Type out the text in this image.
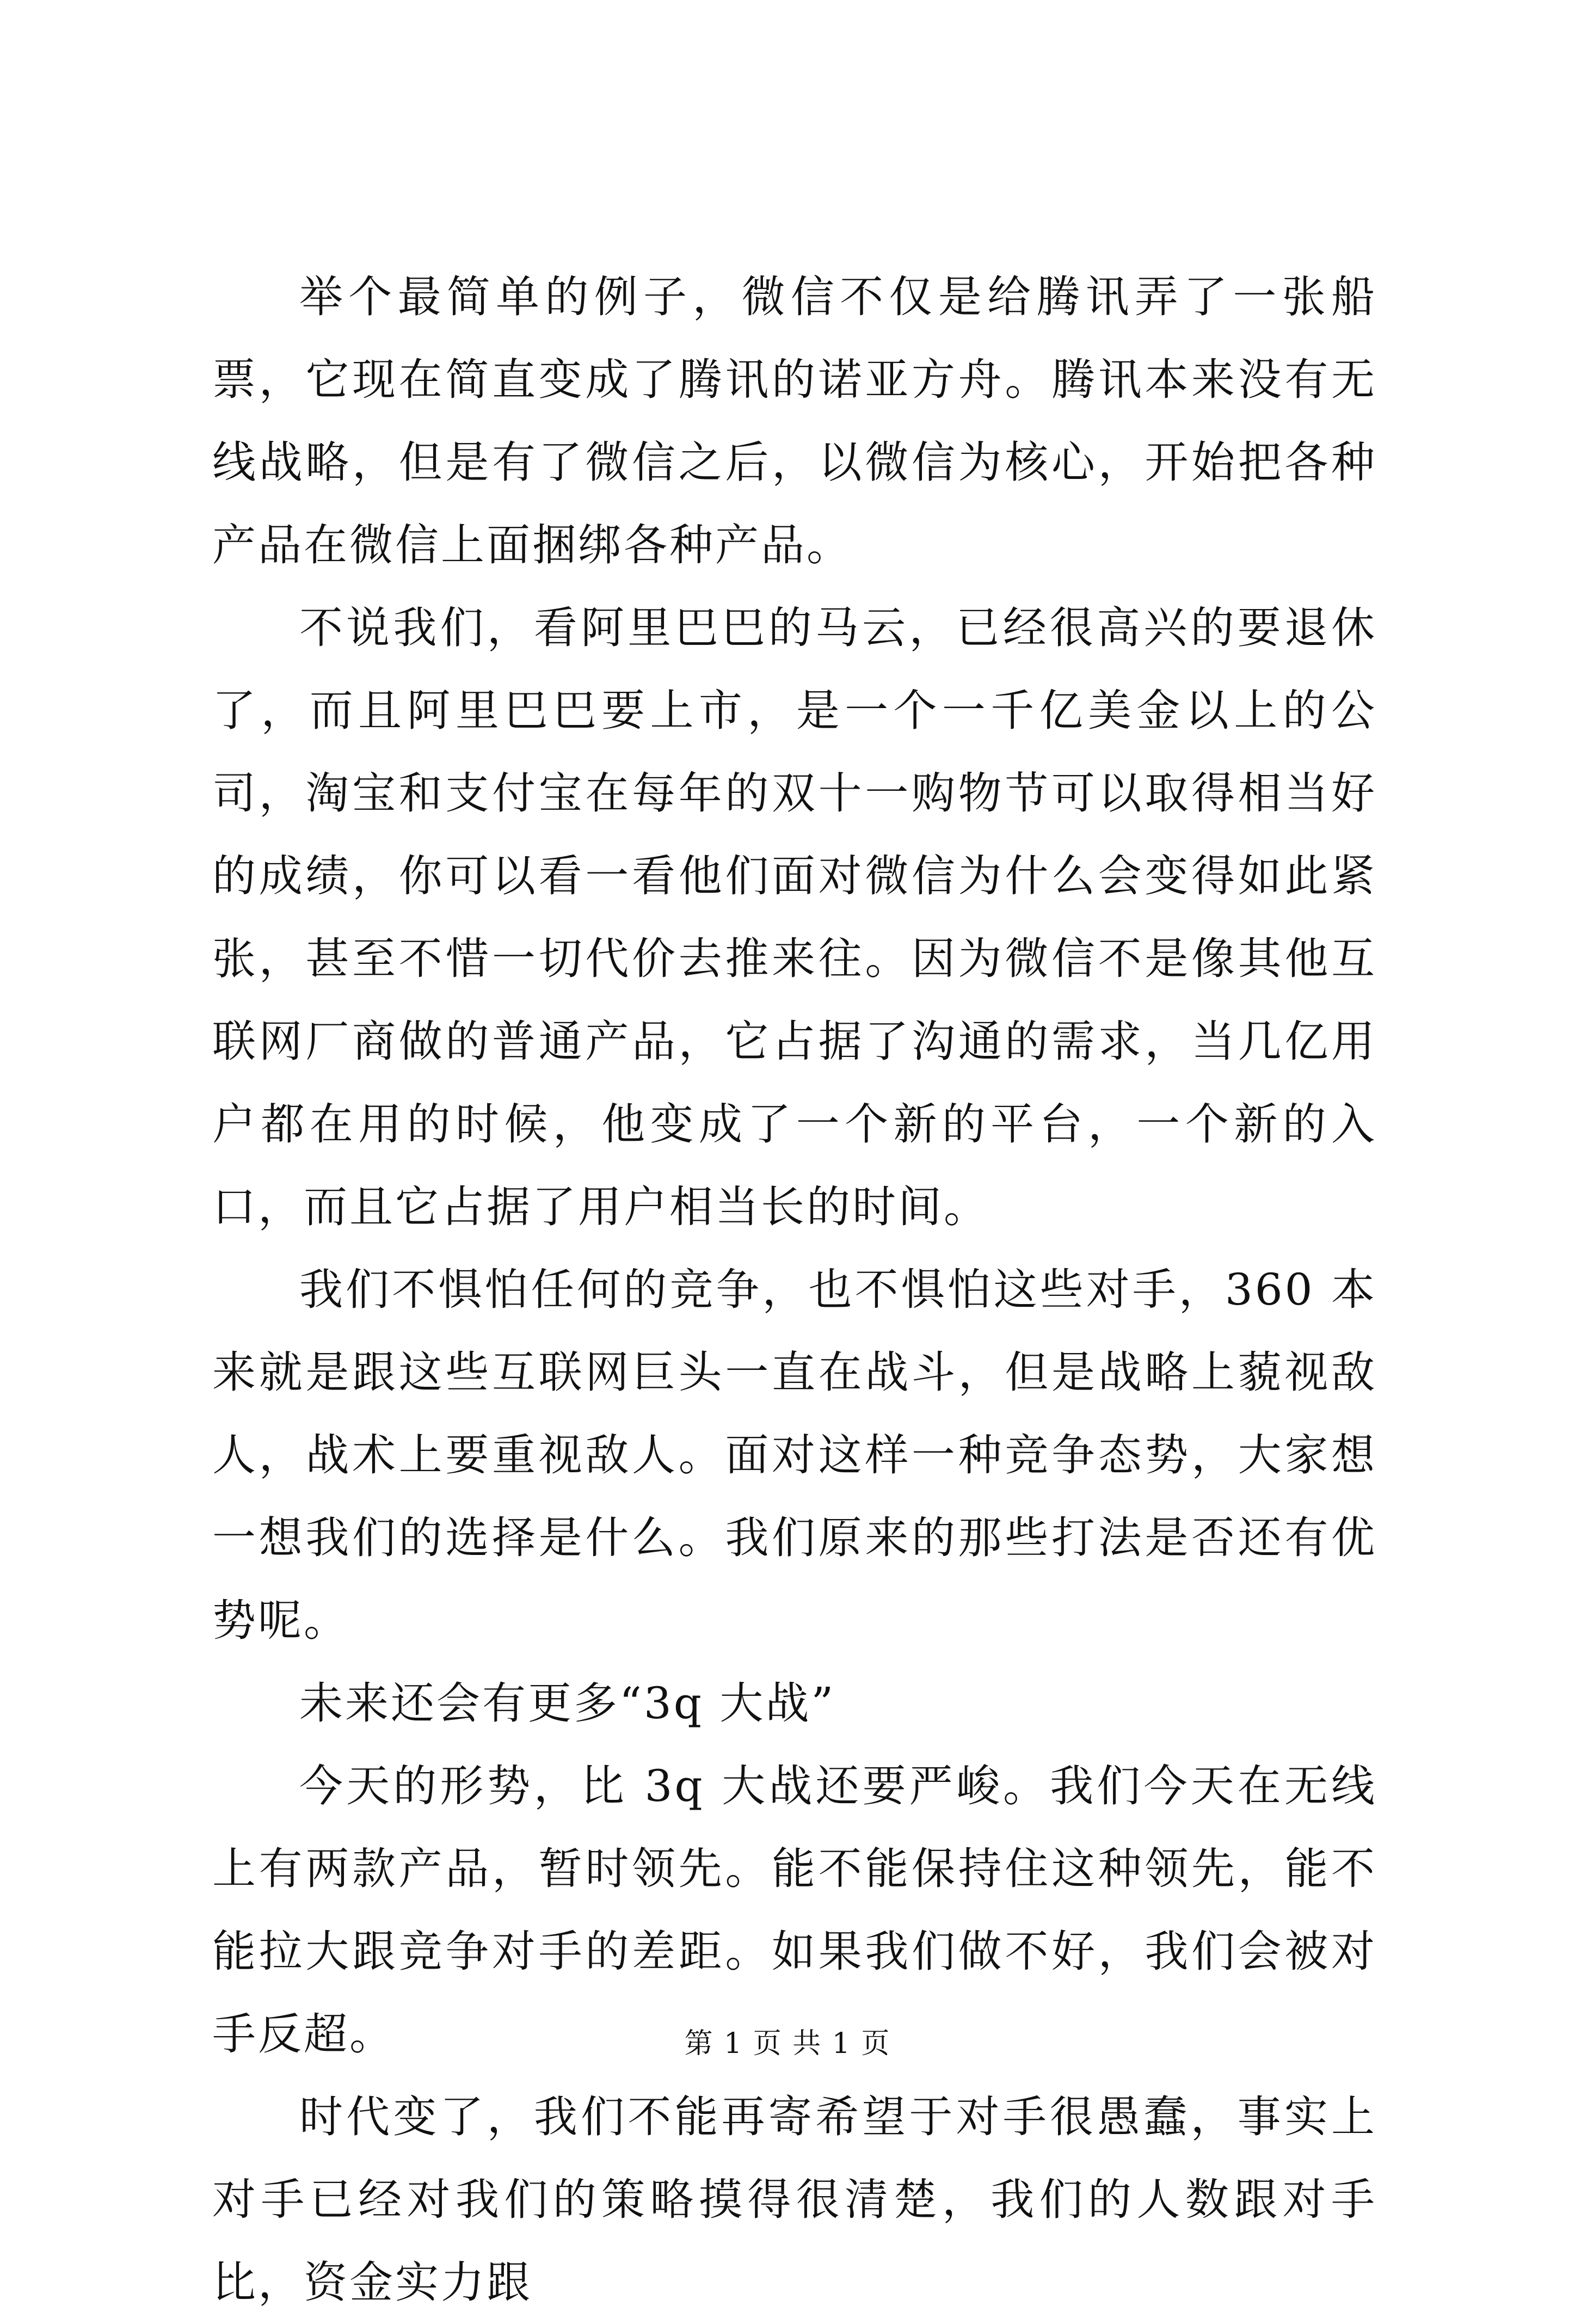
举个最简单的例子，微信不仅是给腾讯弄了一张船票，它现在简直变成了腾讯的诺亚方舟。腾讯本来没有无线战略，但是有了微信之后，以微信为核心，开始把各种产品在微信上面捆绑各种产品。

不说我们，看阿里巴巴的马云，已经很高兴的要退休了，而且阿里巴巴要上市，是一个一千亿美金以上的公司，淘宝和支付宝在每年的双十一购物节可以取得相当好的成绩，你可以看一看他们面对微信为什么会变得如此紧张，甚至不惜一切代价去推来往。因为微信不是像其他互联网厂商做的普通产品，它占据了沟通的需求，当几亿用户都在用的时候，他变成了一个新的平台，一个新的入口，而且它占据了用户相当长的时间。

我们不惧怕任何的竞争，也不惧怕这些对手，360 本来就是跟这些互联网巨头一直在战斗，但是战略上藐视敌人，战术上要重视敌人。面对这样一种竞争态势，大家想一想我们的选择是什么。我们原来的那些打法是否还有优势呢。

未来还会有更多“3q 大战”

今天的形势，比 3q 大战还要严峻。我们今天在无线上有两款产品，暂时领先。能不能保持住这种领先，能不能拉大跟竞争对手的差距。如果我们做不好，我们会被对手反超。

时代变了，我们不能再寄希望于对手很愚蠢，事实上对手已经对我们的策略摸得很清楚，我们的人数跟对手比，资金实力跟

第 1 页 共 1 页
